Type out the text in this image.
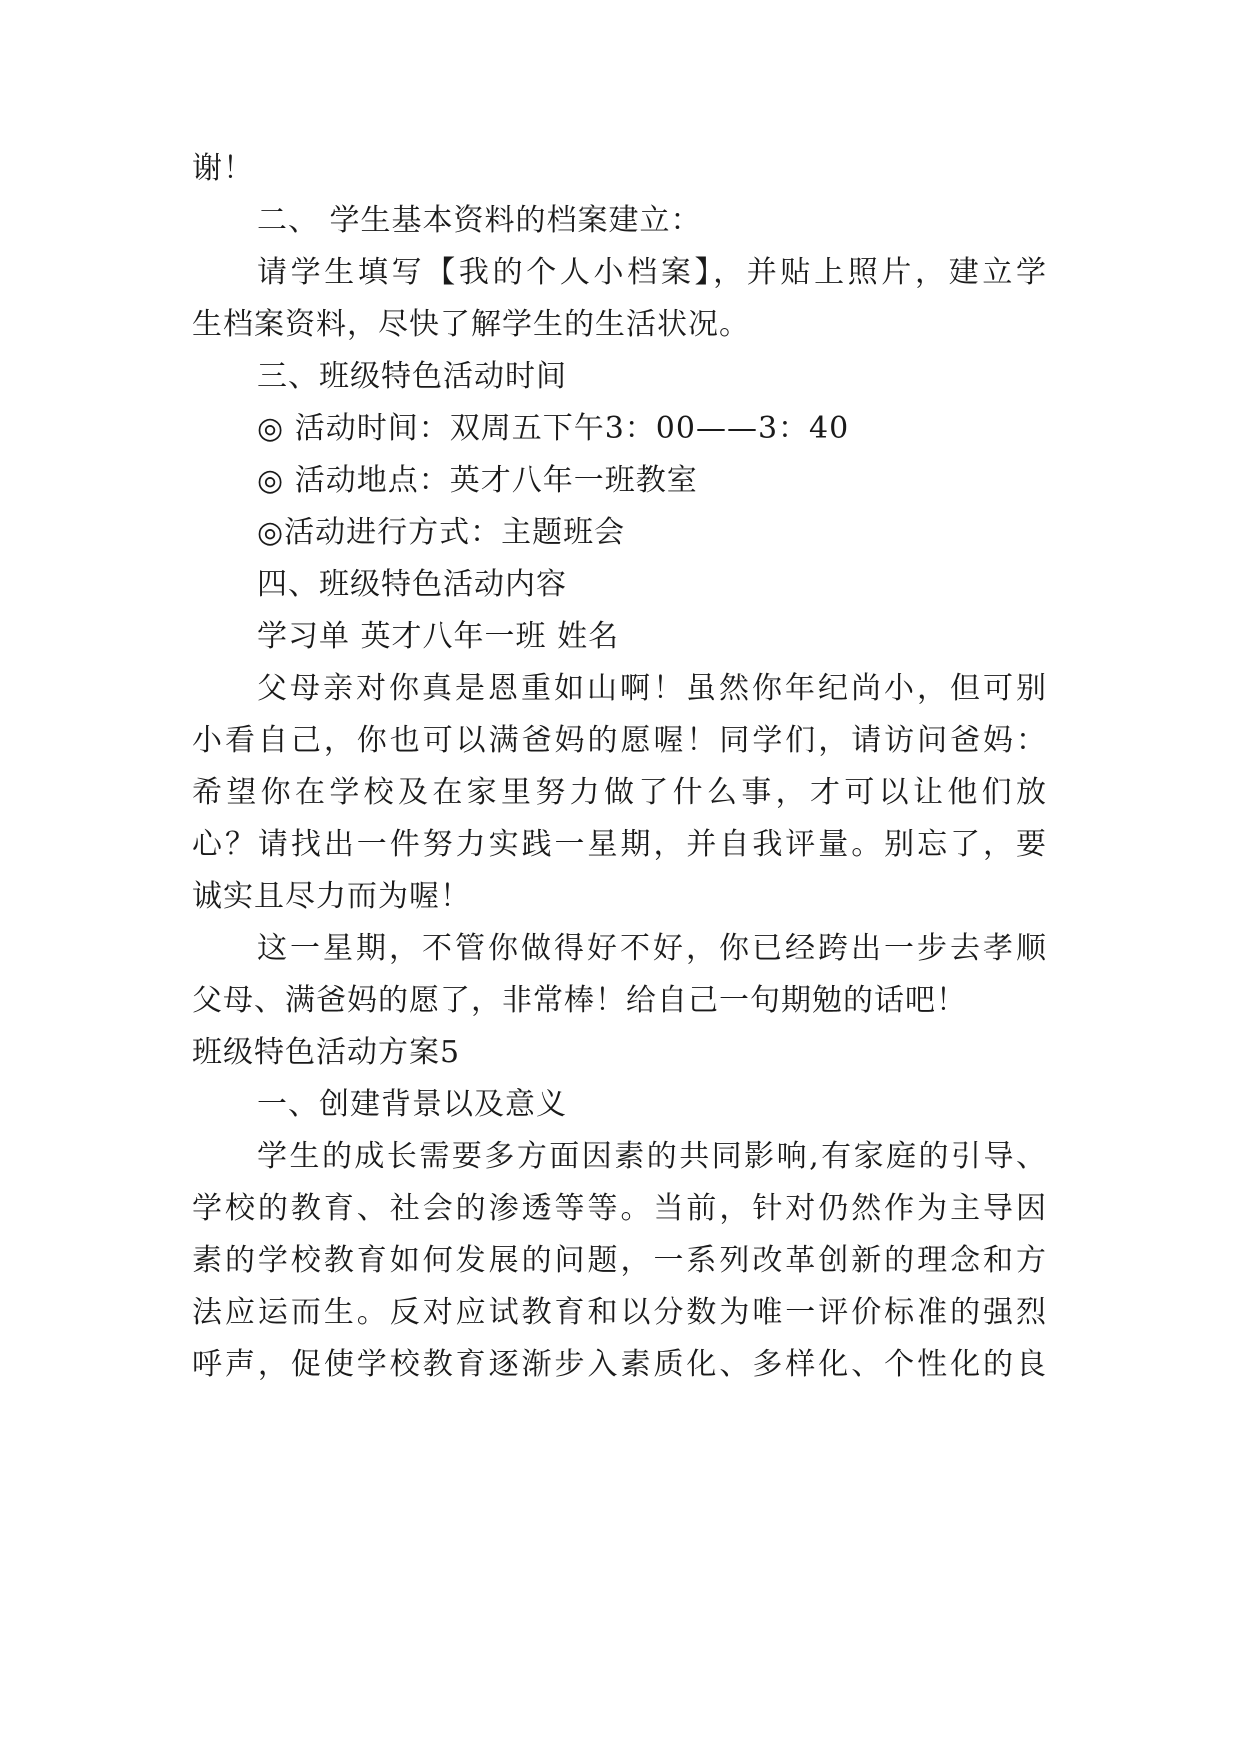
谢！
二、 学生基本资料的档案建立：
请学生填写【我的个人小档案】，并贴上照片，建立学
生档案资料，尽快了解学生的生活状况。
三、班级特色活动时间
◎ 活动时间：双周五下午3：00——3：40
◎ 活动地点：英才八年一班教室
◎活动进行方式：主题班会
四、班级特色活动内容
学习单 英才八年一班 姓名
父母亲对你真是恩重如山啊！虽然你年纪尚小，但可别
小看自己，你也可以满爸妈的愿喔！同学们，请访问爸妈：
希望你在学校及在家里努力做了什么事，才可以让他们放
心？请找出一件努力实践一星期，并自我评量。别忘了，要
诚实且尽力而为喔！
这一星期，不管你做得好不好，你已经跨出一步去孝顺
父母、满爸妈的愿了，非常棒！给自己一句期勉的话吧！
班级特色活动方案5
一、创建背景以及意义
学生的成长需要多方面因素的共同影响,有家庭的引导、
学校的教育、社会的渗透等等。当前，针对仍然作为主导因
素的学校教育如何发展的问题，一系列改革创新的理念和方
法应运而生。反对应试教育和以分数为唯一评价标准的强烈
呼声，促使学校教育逐渐步入素质化、多样化、个性化的良
